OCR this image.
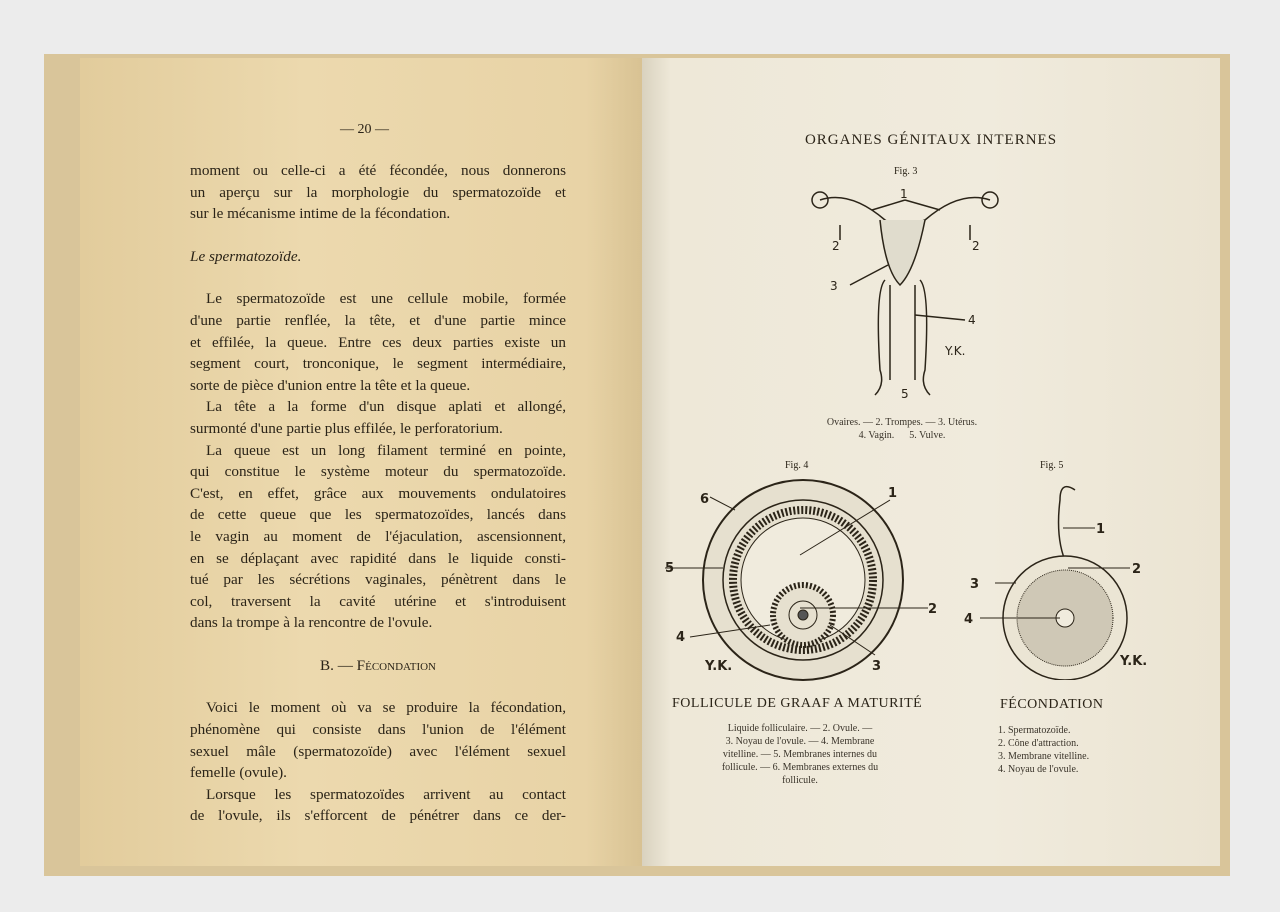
— 20 —

moment ou celle-ci a été fécondée, nous donnerons

un aperçu sur la morphologie du spermatozoïde et

sur le mécanisme intime de la fécondation.

Le spermatozoïde.

Le spermatozoïde est une cellule mobile, formée

d'une partie renflée, la tête, et d'une partie mince

et effilée, la queue. Entre ces deux parties existe un

segment court, tronconique, le segment intermédiaire,

sorte de pièce d'union entre la tête et la queue.

La tête a la forme d'un disque aplati et allongé,

surmonté d'une partie plus effilée, le perforatorium.

La queue est un long filament terminé en pointe,

qui constitue le système moteur du spermatozoïde.

C'est, en effet, grâce aux mouvements ondulatoires

de cette queue que les spermatozoïdes, lancés dans

le vagin au moment de l'éjaculation, ascensionnent,

en se déplaçant avec rapidité dans le liquide consti-

tué par les sécrétions vaginales, pénètrent dans le

col, traversent la cavité utérine et s'introduisent

dans la trompe à la rencontre de l'ovule.

B. — Fécondation

Voici le moment où va se produire la fécondation,

phénomène qui consiste dans l'union de l'élément

sexuel mâle (spermatozoïde) avec l'élément sexuel

femelle (ovule).

Lorsque les spermatozoïdes arrivent au contact

de l'ovule, ils s'efforcent de pénétrer dans ce der-

ORGANES GÉNITAUX INTERNES
Fig. 3
1
2	2
3
4
5
Y.K.
Ovaires. — 2. Trompes. — 3. Utérus.
4. Vagin.      5. Vulve.
Fig. 4
1
2
3
4
5
6
Y.K.
FOLLICULE DE GRAAF A MATURITÉ
Liquide folliculaire. — 2. Ovule. —
3. Noyau de l'ovule. — 4. Membrane
vitelline. — 5. Membranes internes du
follicule. — 6. Membranes externes du
follicule.
Fig. 5
1
2
3
4
Y.K.
FÉCONDATION
1. Spermatozoïde.
2. Cône d'attraction.
3. Membrane vitelline.
4. Noyau de l'ovule.
